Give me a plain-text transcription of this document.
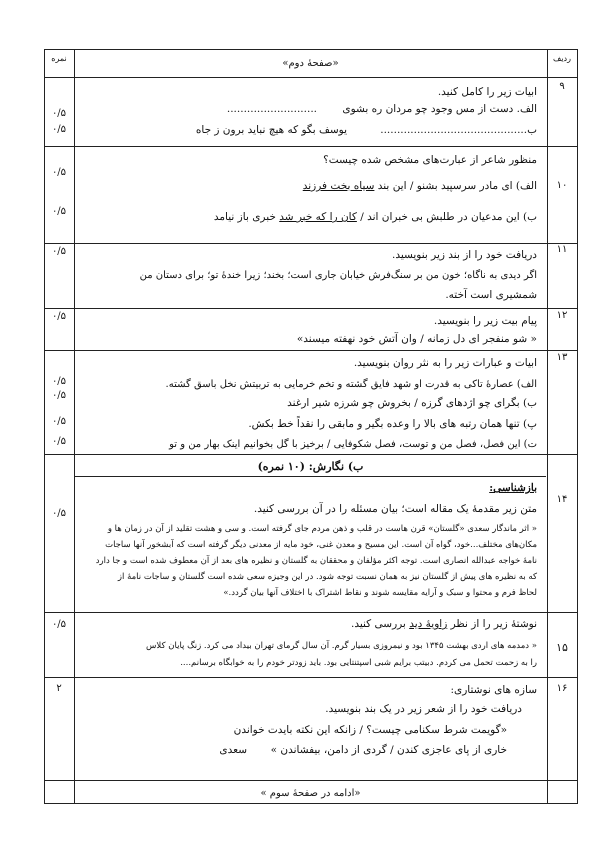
نمره	ردیف
«صفحهٔ دوم»
۹
ابیات زیر را کامل کنید.
الف. دست از مس وجود چو مردان ره بشوی
...........................
ب............................................
یوسف بگو که هیچ نباید برون ز جاه
۰/۵
۰/۵
۱۰
منظور شاعر از عبارت‌های مشخص شده چیست؟
الف) ای مادر سرسپید بشنو / این بند سیاه بخت فرزند
ب) این مدعیان در طلبش بی خبران اند / کان را که خبر شد خبری باز نیامد
۰/۵
۰/۵
۱۱
دریافت خود را از بند زیر بنویسید.
اگر دیدی به ناگاه؛ خون من بر سنگ‌فرش خیابان جاری است؛ بخند؛ زیرا خندهٔ تو؛ برای دستان من
شمشیری است آخته.
۰/۵
۱۲
پیام بیت زیر را بنویسید.
« شو منفجر ای دل زمانه / وان آتش خود نهفته میسند»
۰/۵
۱۳
ابیات و عبارات زیر را به نثر روان بنویسید.
الف) عصارهٔ تاکی به قدرت او شهد فایق گشته و تخم خرمایی به تربیتش نخل باسق گشته.
ب) بگرای چو اژدهای گرزه / بخروش چو شرزه شیر ارغند
پ) تنها همان رتبه های بالا را وعده بگیر و مابقی را نقداً خط بکش.
ت) این فصل، فصل من و توست، فصل شکوفایی / برخیز با گل بخوانیم اینک بهار من و تو
۰/۵
۰/۵
۰/۵
۰/۵
ب) نگارش: (۱۰ نمره)
۱۴
بازشناسی:
متن زیر مقدمهٔ یک مقاله است؛ بیان مسئله را در آن بررسی کنید.
« اثر ماندگار سعدی «گلستان» قرن هاست در قلب و ذهن مردم جای گرفته است. و سی و هشت تقلید از آن در زمان ها و
مکان‌های مختلف...خود، گواه آن است. این مسیح و معدن غنی، خود مایه از معدنی دیگر گرفته است که آبشخور آنها ساجات
نامهٔ خواجه عبدالله انصاری است. توجه اکثر مؤلفان و محققان به گلستان و نظیره های بعد از آن معطوف شده است و جا دارد
که به نظیره های پیش از گلستان نیز به همان نسبت توجه شود. در این وجیزه سعی شده است گلستان و ساجات نامهٔ از
لحاظ فرم و محتوا و سبک و آرایه مقایسه شوند و نقاط اشتراک با اختلاف آنها بیان گردد.»
۰/۵
۱۵
نوشتهٔ زیر را از نظر زاویهٔ دید بررسی کنید.
« دمدمه های اردی بهشت ۱۳۴۵ بود و نیمروزی بسیار گرم. آن سال گرمای تهران بیداد می کرد. زنگ پایان کلاس
را به زحمت تحمل می کردم. دبیتب برایم شبی اسپتنتایی بود. باید زودتر خودم را به خوابگاه برسانم....
۰/۵
۱۶
سازه های نوشتاری:
دریافت خود را از شعر زیر در یک بند بنویسید.
«گویمت شرط سکنامی چیست؟ / زانکه این نکته بایدت خواندن
خاری از پای عاجزی کندن / گردی از دامن، بیفشاندن »
سعدی
۲
« ادامه در صفحهٔ سوم»
